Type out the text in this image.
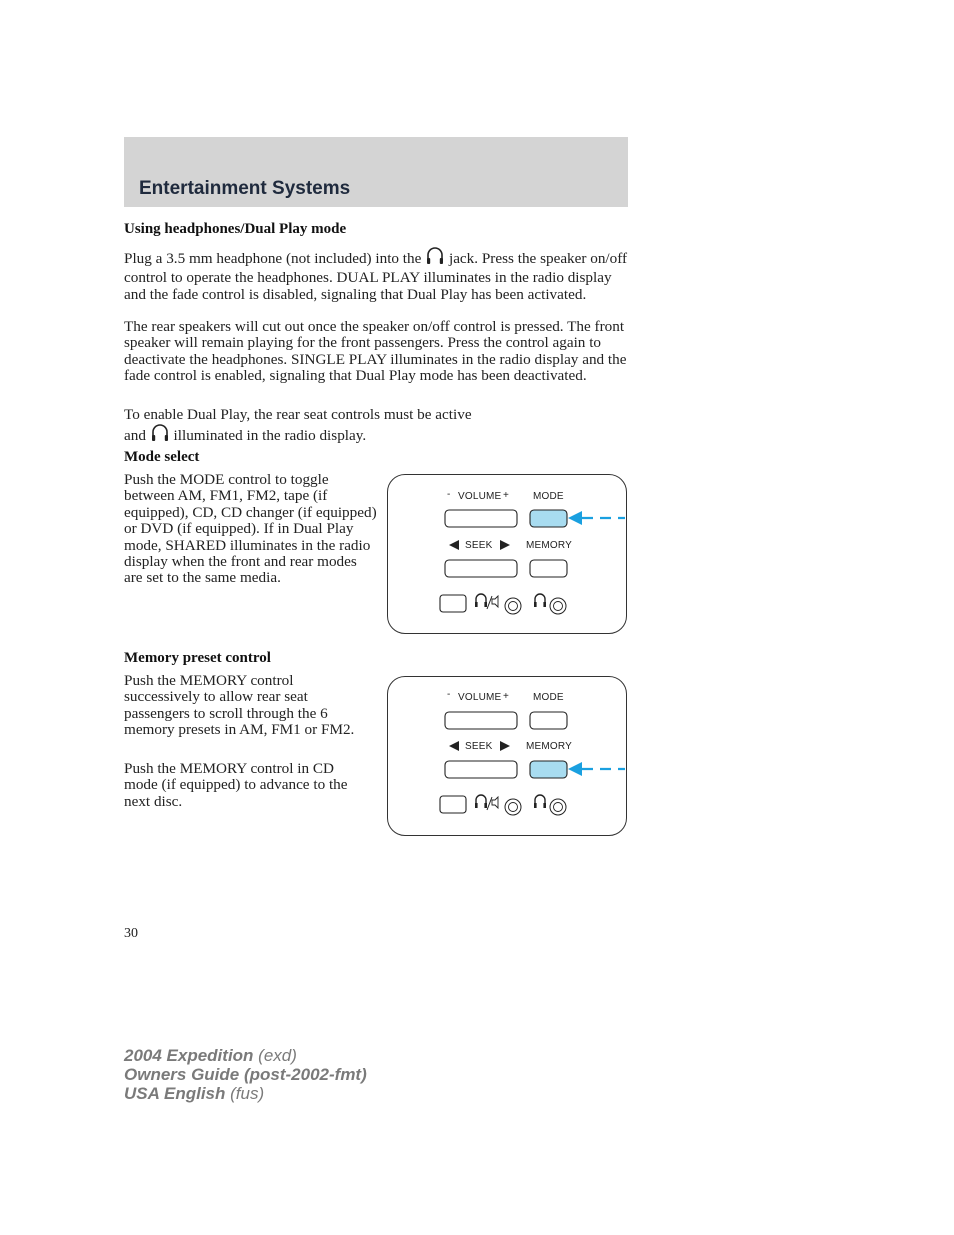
Entertainment Systems
Using headphones/Dual Play mode
Plug a 3.5 mm headphone (not included) into the jack. Press the speaker on/off control to operate the headphones. DUAL PLAY illuminates in the radio display and the fade control is disabled, signaling that Dual Play has been activated.
The rear speakers will cut out once the speaker on/off control is pressed. The front speaker will remain playing for the front passengers. Press the control again to deactivate the headphones. SINGLE PLAY illuminates in the radio display and the fade control is enabled, signaling that Dual Play mode has been deactivated.
To enable Dual Play, the rear seat controls must be active
and illuminated in the radio display.
Mode select
Push the MODE control to toggle between AM, FM1, FM2, tape (if equipped), CD, CD changer (if equipped) or DVD (if equipped). If in Dual Play mode, SHARED illuminates in the radio display when the front and rear modes are set to the same media.
- VOLUME + MODE
SEEK	MEMORY
Memory preset control
Push the MEMORY control successively to allow rear seat passengers to scroll through the 6 memory presets in AM, FM1 or FM2.
Push the MEMORY control in CD mode (if equipped) to advance to the next disc.
- VOLUME + MODE
SEEK	MEMORY
30
2004 Expedition (exd)
Owners Guide (post-2002-fmt)
USA English (fus)
